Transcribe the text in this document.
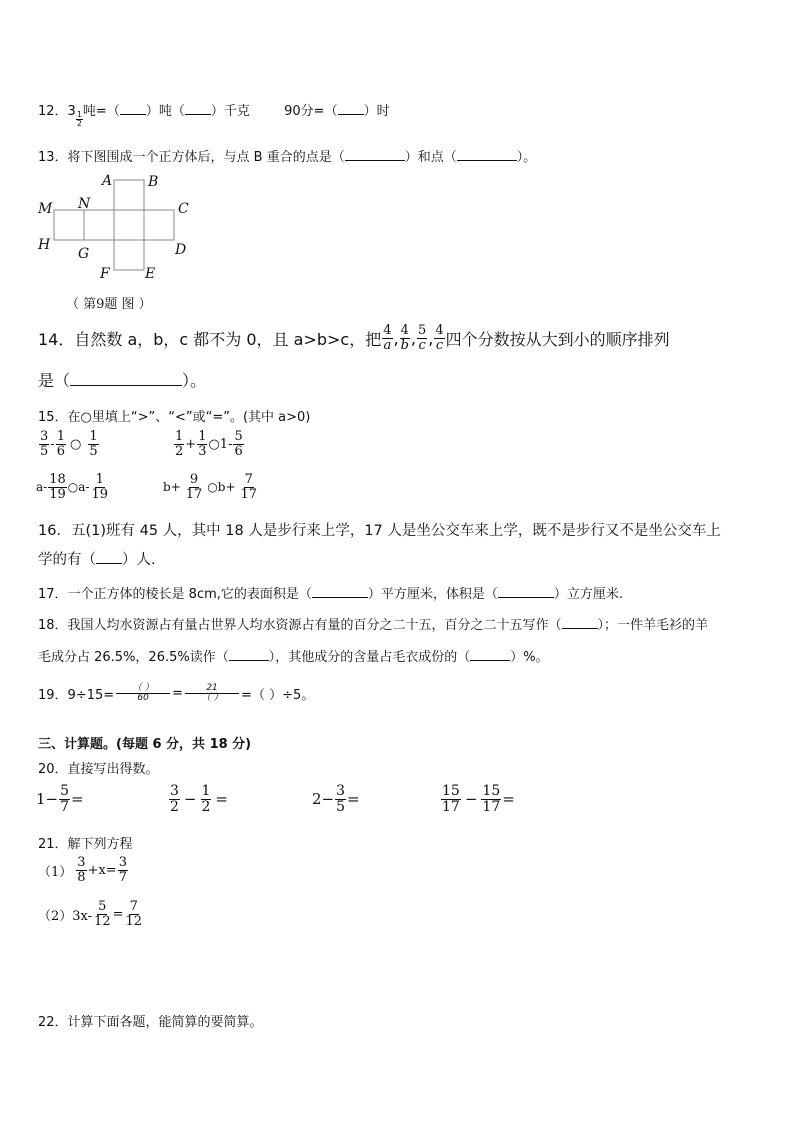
12．$3 \frac{1}{2}$ 吨=（ ）吨（ ）千克	90分=（ ）时
13．将下图围成一个正方体后，与点 B 重合的点是（	）和点（	）。
A	B
C
D
E
F
G
H
M N
（ 第9题 图 ）
14．自然数 a，b，c 都不为 0，且 a>b>c，把 $\frac{4}{a}$ , $\frac{4}{b}$ , $\frac{5}{c}$ , $\frac{4}{c}$ 四个分数按从大到小的顺序排列
是（	）。
15．在○里填上“>”、“<”或“=”。(其中 a>0)
$\frac{3}{5} - \frac{1}{6}$ ○ $\frac{1}{5}$	$\frac{1}{2} + \frac{1}{3}$ ○1- $\frac{5}{6}$
$a- \frac{18}{19}$ ○a- $\frac{1}{19}$	$b+ \frac{9}{17}$ ○b+ $\frac{7}{17}$
16．五(1)班有 45 人，其中 18 人是步行来上学，17 人是坐公交车来上学，既不是步行又不是坐公交车上
学的有（ ）人.
17．一个正方体的棱长是 8cm,它的表面积是（	）平方厘米，体积是（	）立方厘米.
18．我国人均水资源占有量占世界人均水资源占有量的百分之二十五，百分之二十五写作（	）；一件羊毛衫的羊
毛成分占 26.5%，26.5%读作（	），其他成分的含量占毛衣成份的（	）%。
19．$9\div 15= \frac{( )}{60} = \frac{21}{( )}$ =（ ）÷5。
三、计算题。(每题 6 分，共 18 分)
20．直接写出得数。
$1- \frac{5}{7}$ =	$\frac{3}{2} - \frac{1}{2}$ =	$2- \frac{3}{5}$ =	$\frac{15}{17} - \frac{15}{17}$ =
21．解下列方程
$(1) \frac{3}{8} +x= \frac{3}{7}$
$(2)3x- \frac{5}{12} = \frac{7}{12}$
22．计算下面各题，能简算的要简算。
